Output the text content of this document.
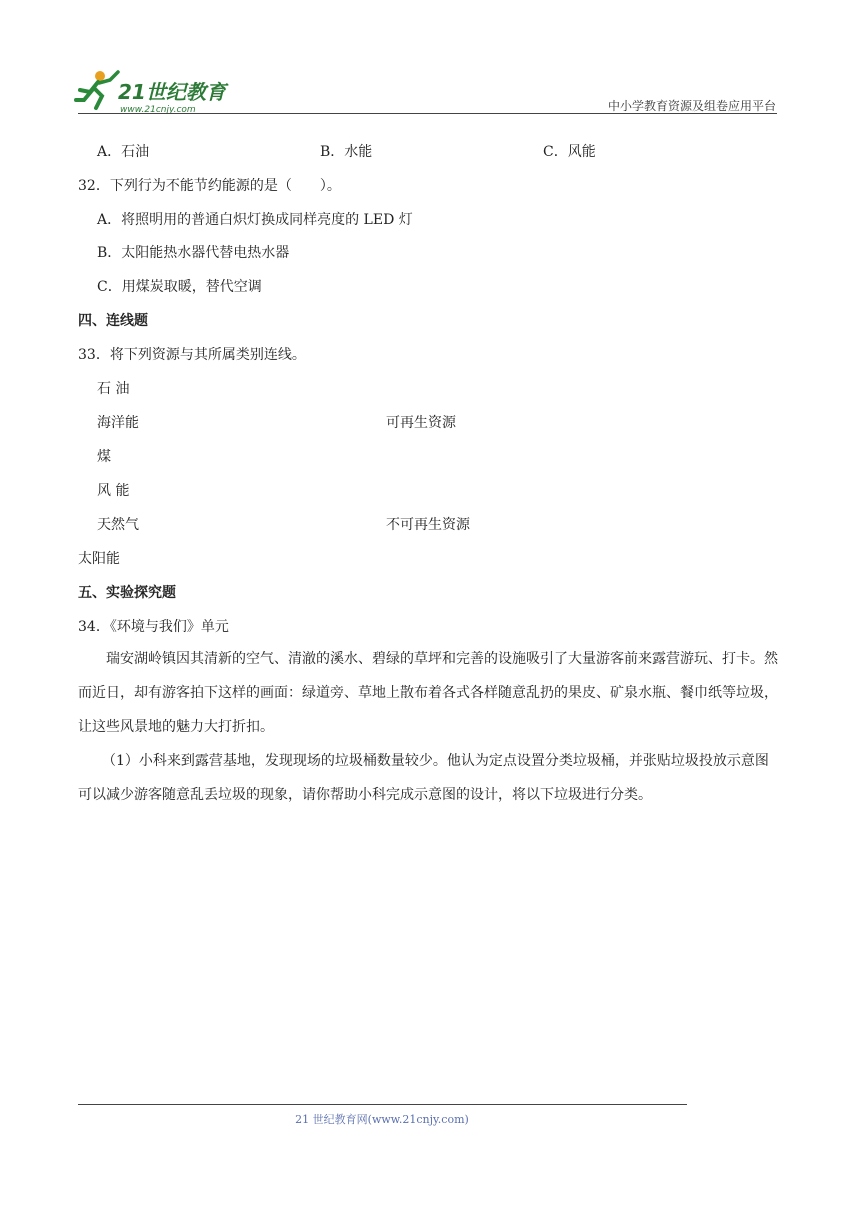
21世纪教育
www.21cnjy.com	中小学教育资源及组卷应用平台
A．石油	B．水能	C．风能
32．下列行为不能节约能源的是（　　）。
A．将照明用的普通白炽灯换成同样亮度的 LED 灯
B．太阳能热水器代替电热水器
C．用煤炭取暖，替代空调
四、连线题
33．将下列资源与其所属类别连线。
石 油
海洋能
煤
风 能
天然气
太阳能
可再生资源
不可再生资源
五、实验探究题
34．《环境与我们》单元
瑞安湖岭镇因其清新的空气、清澈的溪水、碧绿的草坪和完善的设施吸引了大量游客前来露营游玩、打卡。然而近日，却有游客拍下这样的画面：绿道旁、草地上散布着各式各样随意乱扔的果皮、矿泉水瓶、餐巾纸等垃圾，让这些风景地的魅力大打折扣。
（1）小科来到露营基地，发现现场的垃圾桶数量较少。他认为定点设置分类垃圾桶，并张贴垃圾投放示意图可以减少游客随意乱丢垃圾的现象，请你帮助小科完成示意图的设计，将以下垃圾进行分类。
21 世纪教育网(www.21cnjy.com)
